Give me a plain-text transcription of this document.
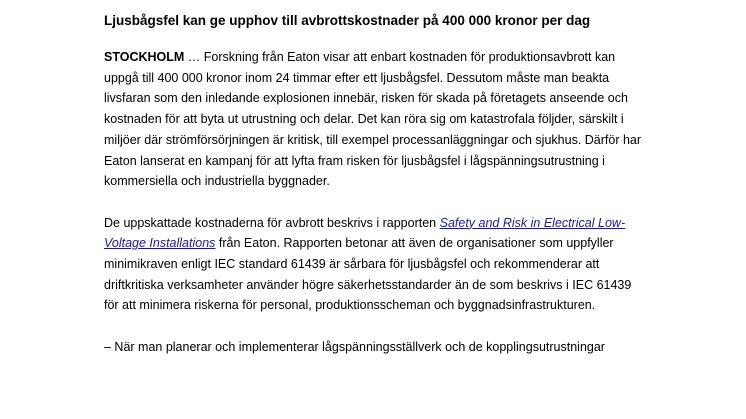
Ljusbågsfel kan ge upphov till avbrottskostnader på 400 000 kronor per dag

STOCKHOLM … Forskning från Eaton visar att enbart kostnaden för produktionsavbrott kan uppgå till 400 000 kronor inom 24 timmar efter ett ljusbågsfel. Dessutom måste man beakta livsfaran som den inledande explosionen innebär, risken för skada på företagets anseende och kostnaden för att byta ut utrustning och delar. Det kan röra sig om katastrofala följder, särskilt i miljöer där strömförsörjningen är kritisk, till exempel processanläggningar och sjukhus. Därför har Eaton lanserat en kampanj för att lyfta fram risken för ljusbågsfel i lågspänningsutrustning i kommersiella och industriella byggnader.

De uppskattade kostnaderna för avbrott beskrivs i rapporten Safety and Risk in Electrical Low-Voltage Installations från Eaton. Rapporten betonar att även de organisationer som uppfyller minimikraven enligt IEC standard 61439 är sårbara för ljusbågsfel och rekommenderar att driftkritiska verksamheter använder högre säkerhetsstandarder än de som beskrivs i IEC 61439 för att minimera riskerna för personal, produktionsscheman och byggnadsinfrastrukturen.

– När man planerar och implementerar lågspänningsställverk och de kopplingsutrustningar
